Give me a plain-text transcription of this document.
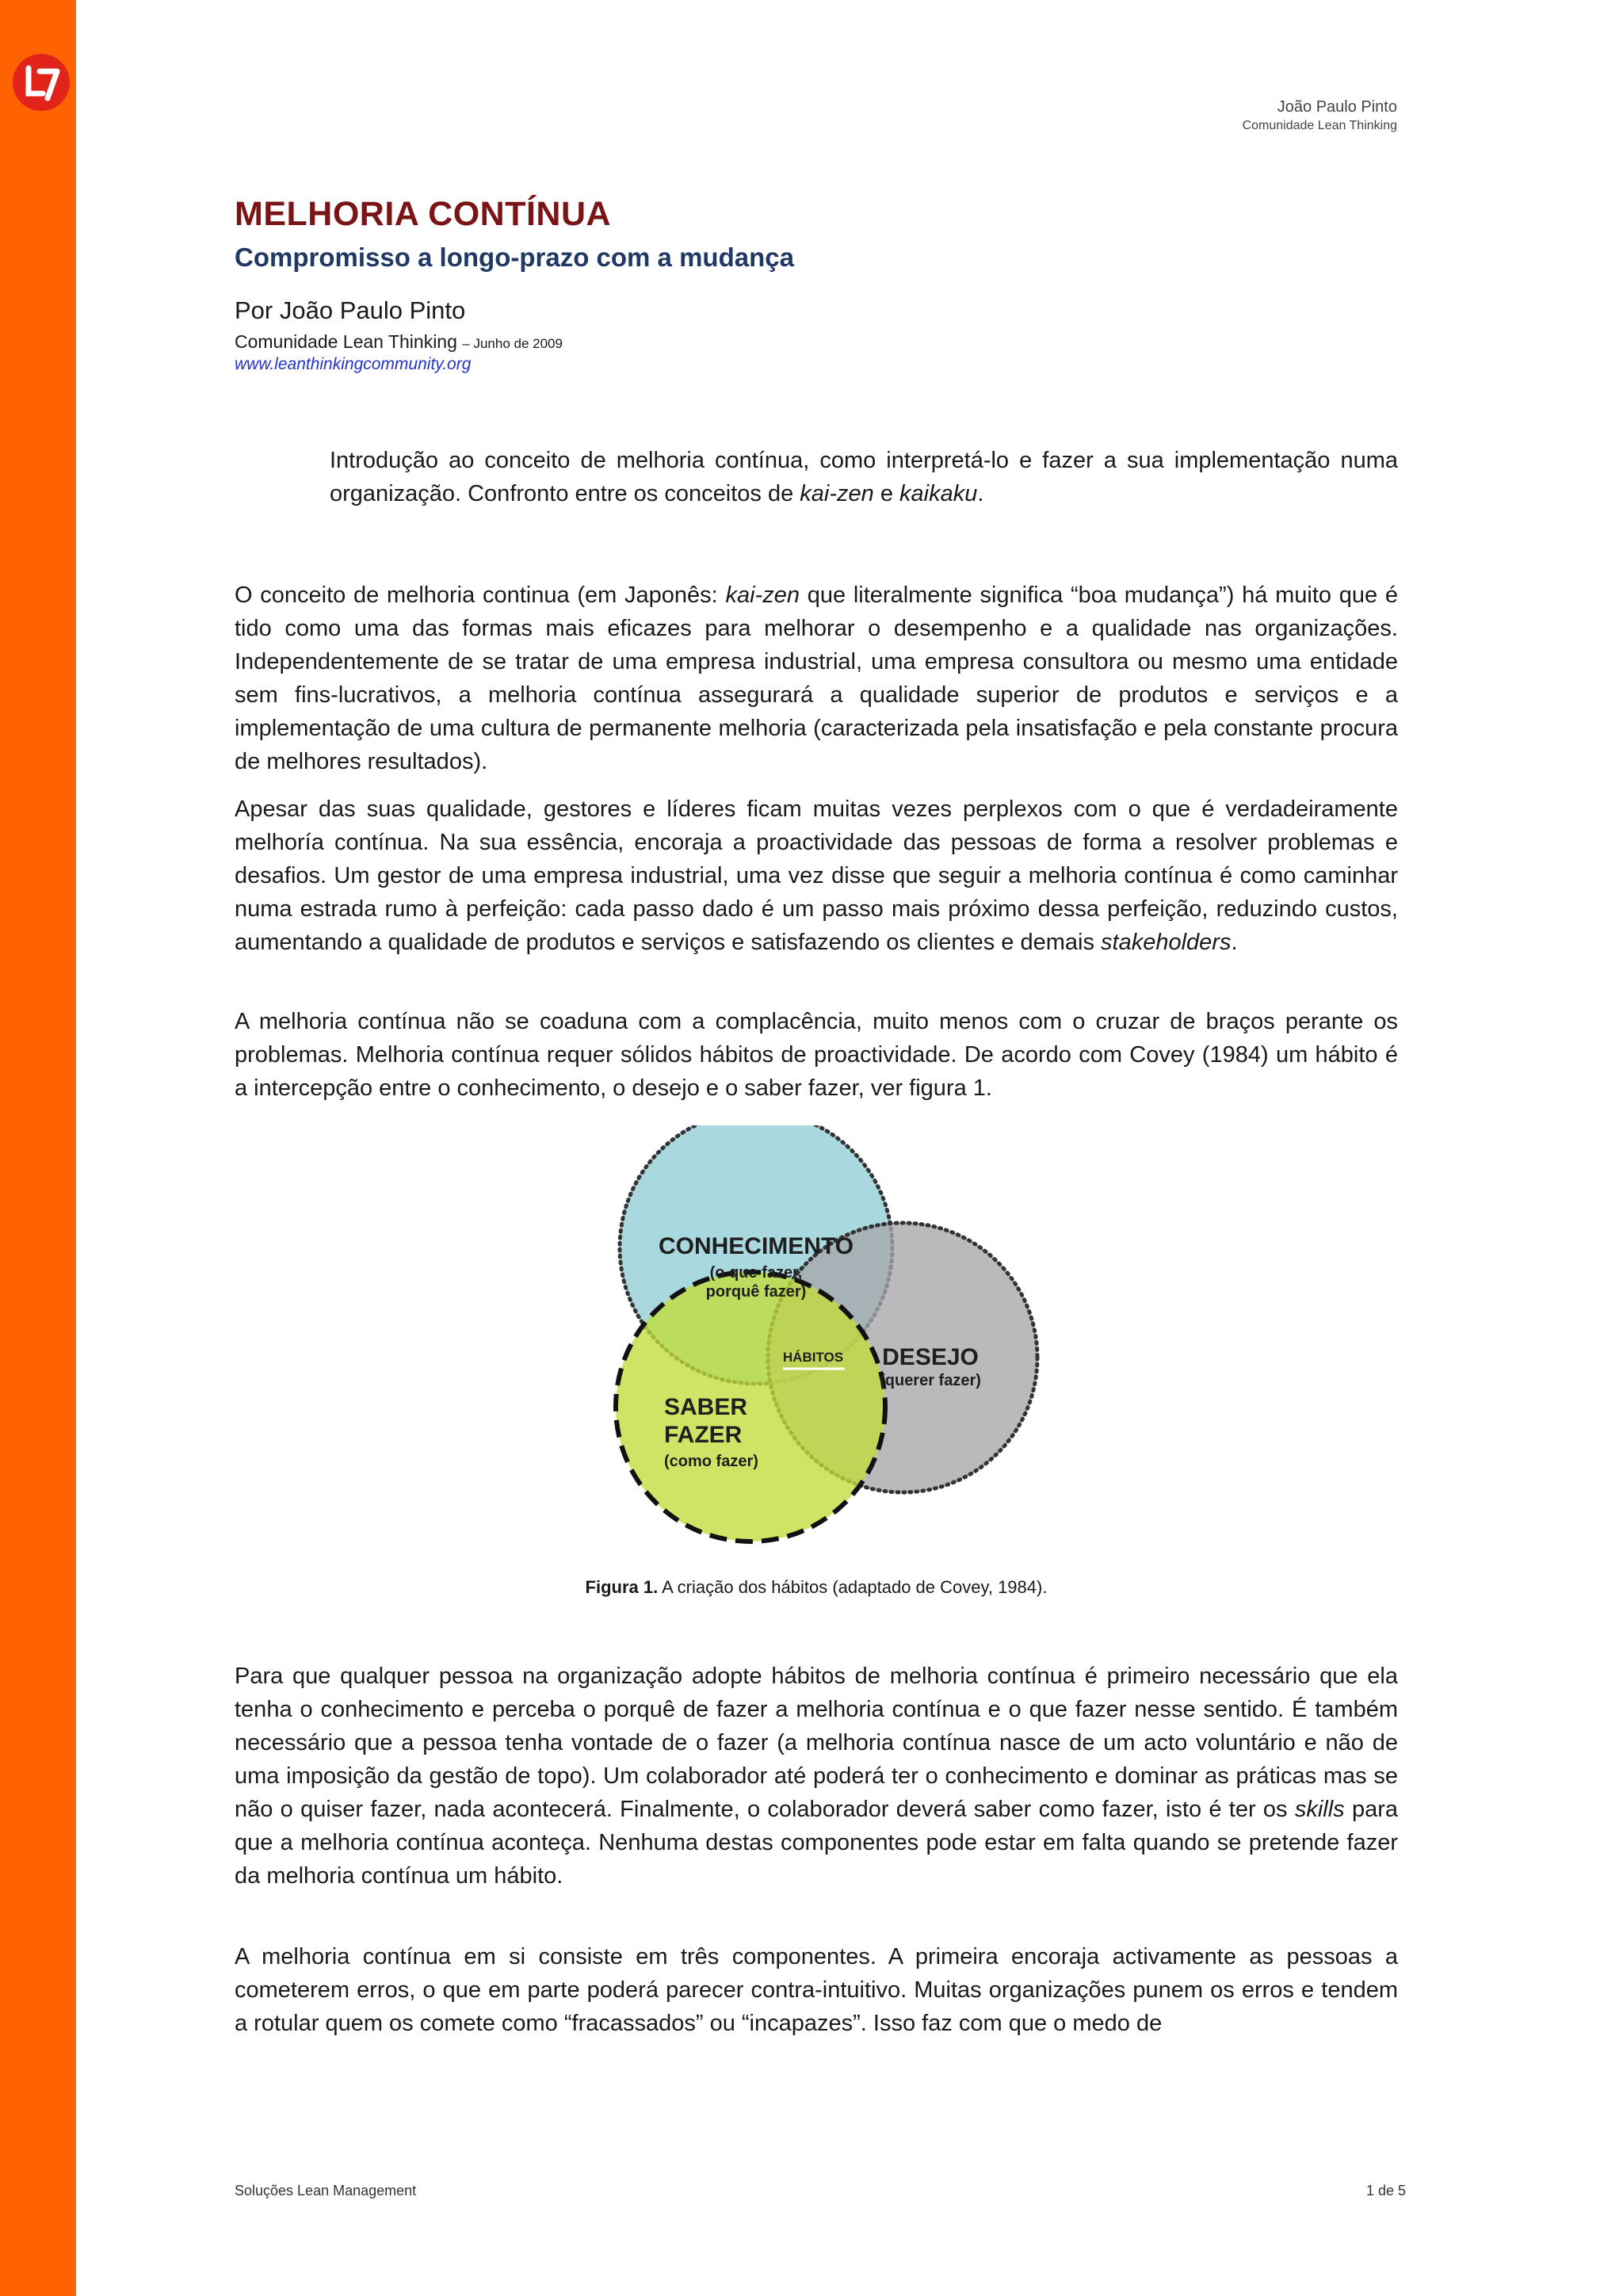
João Paulo Pinto
Comunidade Lean Thinking
MELHORIA CONTÍNUA
Compromisso a longo-prazo com a mudança
Por João Paulo Pinto
Comunidade Lean Thinking – Junho de 2009
www.leanthinkingcommunity.org
Introdução ao conceito de melhoria contínua, como interpretá-lo e fazer a sua implementação numa organização. Confronto entre os conceitos de kai-zen e kaikaku.

O conceito de melhoria continua (em Japonês: kai-zen que literalmente significa “boa mudança”) há muito que é tido como uma das formas mais eficazes para melhorar o desempenho e a qualidade nas organizações. Independentemente de se tratar de uma empresa industrial, uma empresa consultora ou mesmo uma entidade sem fins-lucrativos, a melhoria contínua assegurará a qualidade superior de produtos e serviços e a implementação de uma cultura de permanente melhoria (caracterizada pela insatisfação e pela constante procura de melhores resultados).

Apesar das suas qualidade, gestores e líderes ficam muitas vezes perplexos com o que é verdadeiramente melhoría contínua. Na sua essência, encoraja a proactividade das pessoas de forma a resolver problemas e desafios. Um gestor de uma empresa industrial, uma vez disse que seguir a melhoria contínua é como caminhar numa estrada rumo à perfeição: cada passo dado é um passo mais próximo dessa perfeição, reduzindo custos, aumentando a qualidade de produtos e serviços e satisfazendo os clientes e demais stakeholders.

A melhoria contínua não se coaduna com a complacência, muito menos com o cruzar de braços perante os problemas. Melhoria contínua requer sólidos hábitos de proactividade. De acordo com Covey (1984) um hábito é a intercepção entre o conhecimento, o desejo e o saber fazer, ver figura 1.

CONHECIMENTO
(o que fazer,
porquê fazer)
HÁBITOS DESEJO
(querer fazer)
SABER
FAZER
(como fazer)
Figura 1. A criação dos hábitos (adaptado de Covey, 1984).

Para que qualquer pessoa na organização adopte hábitos de melhoria contínua é primeiro necessário que ela tenha o conhecimento e perceba o porquê de fazer a melhoria contínua e o que fazer nesse sentido. É também necessário que a pessoa tenha vontade de o fazer (a melhoria contínua nasce de um acto voluntário e não de uma imposição da gestão de topo). Um colaborador até poderá ter o conhecimento e dominar as práticas mas se não o quiser fazer, nada acontecerá. Finalmente, o colaborador deverá saber como fazer, isto é ter os skills para que a melhoria contínua aconteça. Nenhuma destas componentes pode estar em falta quando se pretende fazer da melhoria contínua um hábito.

A melhoria contínua em si consiste em três componentes. A primeira encoraja activamente as pessoas a cometerem erros, o que em parte poderá parecer contra-intuitivo. Muitas organizações punem os erros e tendem a rotular quem os comete como “fracassados” ou “incapazes”. Isso faz com que o medo de

Soluções Lean Management	1 de 5
